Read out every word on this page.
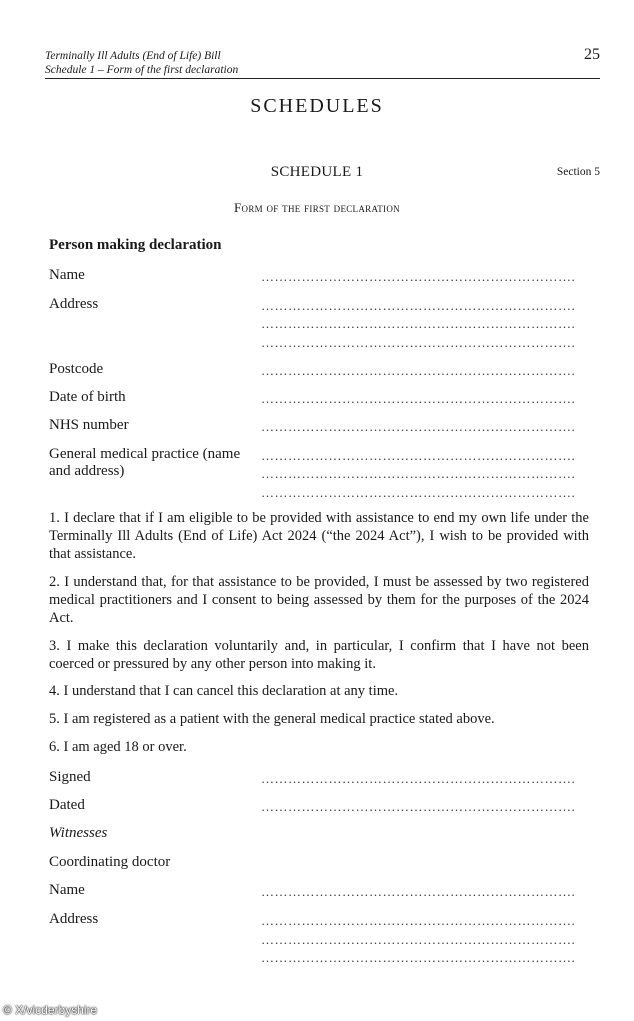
Terminally Ill Adults (End of Life) Bill
Schedule 1 – Form of the first declaration
25
SCHEDULES
SCHEDULE 1	Section 5
Form of the first declaration
Person making declaration
Name	…………………………………………………………….
Address	…………………………………………………………….
…………………………………………………………….
…………………………………………………………….
Postcode	…………………………………………………………….
Date of birth	…………………………………………………………….
NHS number	…………………………………………………………….
General medical practice (name
and address)
…………………………………………………………….
…………………………………………………………….
…………………………………………………………….
1. I declare that if I am eligible to be provided with assistance to end my own life under the Terminally Ill Adults (End of Life) Act 2024 (“the 2024 Act”), I wish to be provided with that assistance.
2. I understand that, for that assistance to be provided, I must be assessed by two registered medical practitioners and I consent to being assessed by them for the purposes of the 2024 Act.
3. I make this declaration voluntarily and, in particular, I confirm that I have not been coerced or pressured by any other person into making it.
4. I understand that I can cancel this declaration at any time.
5. I am registered as a patient with the general medical practice stated above.
6. I am aged 18 or over.
Signed	…………………………………………………………….
Dated	…………………………………………………………….
Witnesses
Coordinating doctor
Name	…………………………………………………………….
Address	…………………………………………………………….
…………………………………………………………….
…………………………………………………………….
© X/vicderbyshire
